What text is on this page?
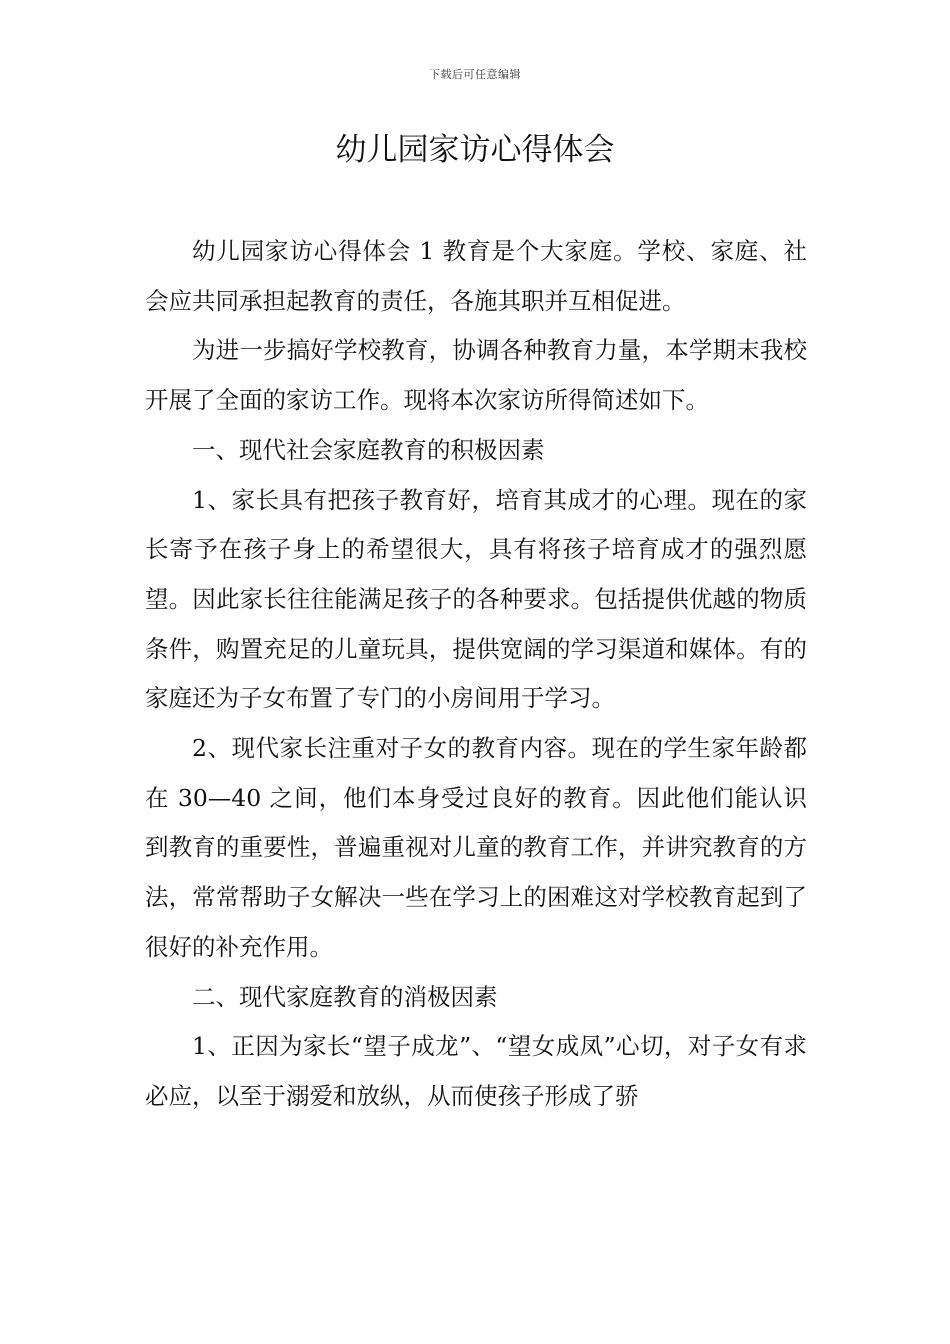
下载后可任意编辑
幼儿园家访心得体会

幼儿园家访心得体会 1 教育是个大家庭。学校、家庭、社会应共同承担起教育的责任，各施其职并互相促进。

为进一步搞好学校教育，协调各种教育力量，本学期末我校开展了全面的家访工作。现将本次家访所得简述如下。

一、现代社会家庭教育的积极因素

1、家长具有把孩子教育好，培育其成才的心理。现在的家长寄予在孩子身上的希望很大，具有将孩子培育成才的强烈愿望。因此家长往往能满足孩子的各种要求。包括提供优越的物质条件，购置充足的儿童玩具，提供宽阔的学习渠道和媒体。有的家庭还为子女布置了专门的小房间用于学习。

2、现代家长注重对子女的教育内容。现在的学生家年龄都在 30—40 之间，他们本身受过良好的教育。因此他们能认识到教育的重要性，普遍重视对儿童的教育工作，并讲究教育的方法，常常帮助子女解决一些在学习上的困难这对学校教育起到了很好的补充作用。

二、现代家庭教育的消极因素

1、正因为家长“望子成龙”、“望女成凤”心切，对子女有求必应，以至于溺爱和放纵，从而使孩子形成了骄
